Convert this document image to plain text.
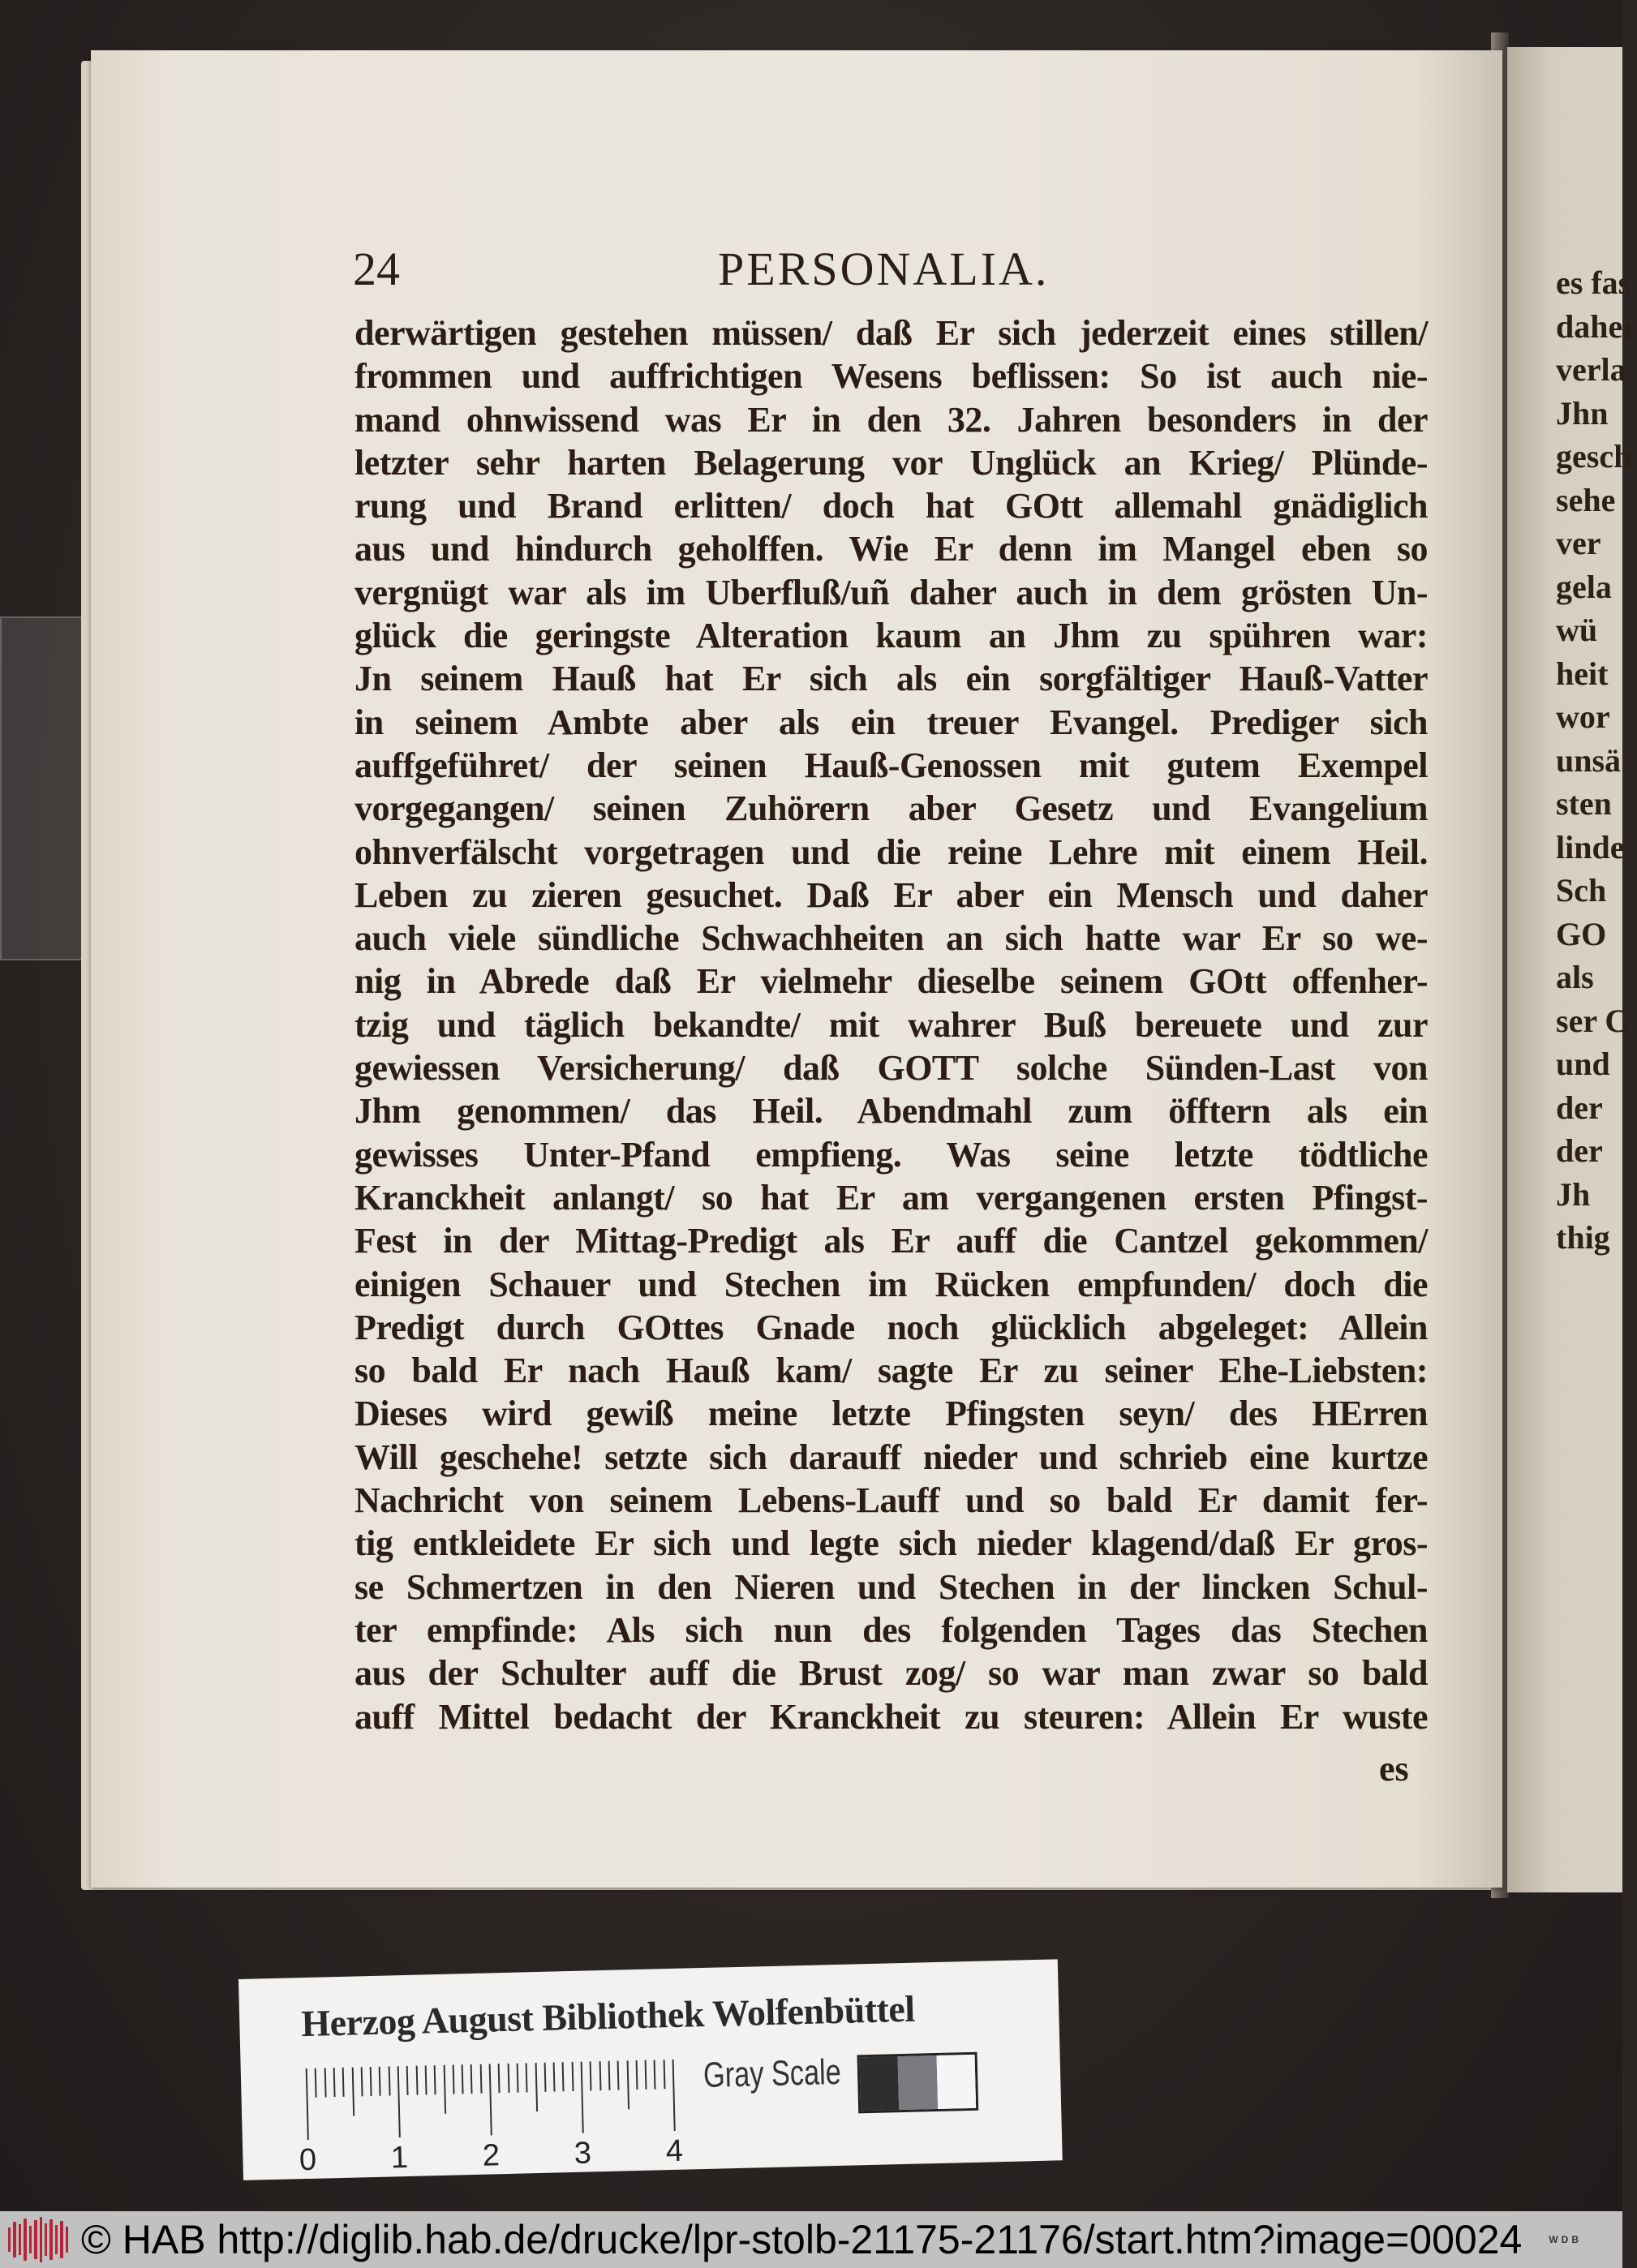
es fas
daher
verla
Jhn
gesch
sehe
ver
gela
wü
heit
wor
unsä
sten
linde
Sch
GO
als
ser C
und
der
der
Jh
thig
24	PERSONALIA.
derwärtigen gestehen müssen/ daß Er sich jederzeit eines stillen/
frommen und auffrichtigen Wesens beflissen: So ist auch nie-
mand ohnwissend was Er in den 32. Jahren besonders in der
letzter sehr harten Belagerung vor Unglück an Krieg/ Plünde-
rung und Brand erlitten/ doch hat GOtt allemahl gnädiglich
aus und hindurch geholffen. Wie Er denn im Mangel eben so
vergnügt war als im Uberfluß/uñ daher auch in dem grösten Un-
glück die geringste Alteration kaum an Jhm zu spühren war:
Jn seinem Hauß hat Er sich als ein sorgfältiger Hauß-Vatter
in seinem Ambte aber als ein treuer Evangel. Prediger sich
auffgeführet/ der seinen Hauß-Genossen mit gutem Exempel
vorgegangen/ seinen Zuhörern aber Gesetz und Evangelium
ohnverfälscht vorgetragen und die reine Lehre mit einem Heil.
Leben zu zieren gesuchet. Daß Er aber ein Mensch und daher
auch viele sündliche Schwachheiten an sich hatte war Er so we-
nig in Abrede daß Er vielmehr dieselbe seinem GOtt offenher-
tzig und täglich bekandte/ mit wahrer Buß bereuete und zur
gewiessen Versicherung/ daß GOTT solche Sünden-Last von
Jhm genommen/ das Heil. Abendmahl zum öfftern als ein
gewisses Unter-Pfand empfieng. Was seine letzte tödtliche
Kranckheit anlangt/ so hat Er am vergangenen ersten Pfingst-
Fest in der Mittag-Predigt als Er auff die Cantzel gekommen/
einigen Schauer und Stechen im Rücken empfunden/ doch die
Predigt durch GOttes Gnade noch glücklich abgeleget: Allein
so bald Er nach Hauß kam/ sagte Er zu seiner Ehe-Liebsten:
Dieses wird gewiß meine letzte Pfingsten seyn/ des HErren
Will geschehe! setzte sich darauff nieder und schrieb eine kurtze
Nachricht von seinem Lebens-Lauff und so bald Er damit fer-
tig entkleidete Er sich und legte sich nieder klagend/daß Er gros-
se Schmertzen in den Nieren und Stechen in der lincken Schul-
ter empfinde: Als sich nun des folgenden Tages das Stechen
aus der Schulter auff die Brust zog/ so war man zwar so bald
auff Mittel bedacht der Kranckheit zu steuren: Allein Er wuste
es
Herzog August Bibliothek Wolfenbüttel
0 1 2 3 4
Gray Scale
© HAB http://diglib.hab.de/drucke/lpr-stolb-21175-21176/start.htm?image=00024	WDB
